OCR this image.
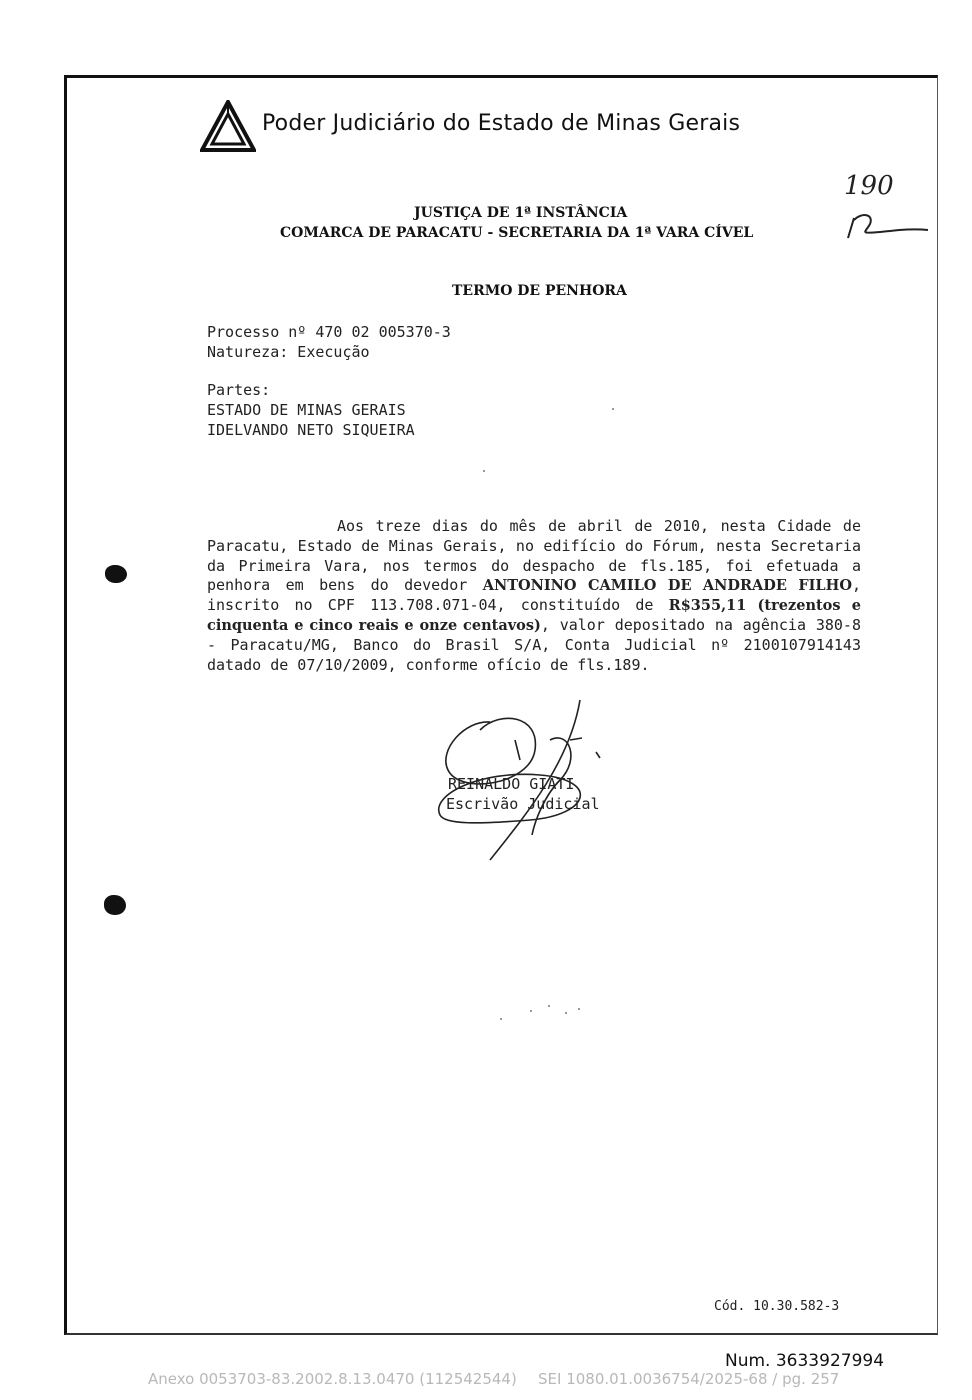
Poder Judiciário do Estado de Minas Gerais
JUSTIÇA DE 1ª INSTÂNCIA
COMARCA DE PARACATU - SECRETARIA DA 1ª VARA CÍVEL
190
TERMO DE PENHORA
Processo nº 470 02 005370-3
Natureza: Execução
Partes:
ESTADO DE MINAS GERAIS
IDELVANDO NETO SIQUEIRA
Aos treze dias do mês de abril de 2010, nesta Cidade de Paracatu, Estado de Minas Gerais, no edifício do Fórum, nesta Secretaria da Primeira Vara, nos termos do despacho de fls.185, foi efetuada a penhora em bens do devedor ANTONINO CAMILO DE ANDRADE FILHO, inscrito no CPF 113.708.071-04, constituído de R$355,11 (trezentos e cinquenta e cinco reais e onze centavos), valor depositado na agência 380-8 - Paracatu/MG, Banco do Brasil S/A, Conta Judicial nº 2100107914143 datado de 07/10/2009, conforme ofício de fls.189.
REINALDO GIATI
Escrivão Judicial
Cód. 10.30.582-3
Num. 3633927994
Anexo 0053703-83.2002.8.13.0470 (112542544) SEI 1080.01.0036754/2025-68 / pg. 257
